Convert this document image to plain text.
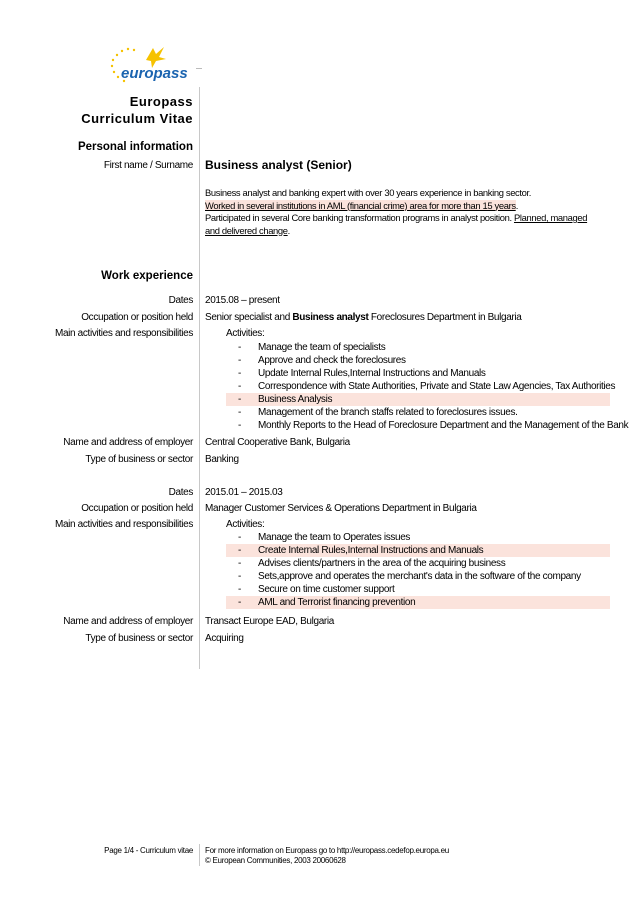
europass
Europass
Curriculum Vitae
Personal information
First name / Surname Business analyst (Senior)
Business analyst and banking expert with over 30 years experience in banking sector.
Worked in several institutions in AML (financial crime) area for more than 15 years.
Participated in several Core banking transformation programs in analyst position. Planned, managed
and delivered change.
Work experience
Dates 2015.08 – present
Occupation or position held Senior specialist and Business analyst Foreclosures Department in Bulgaria
Main activities and responsibilities	Activities:
- Manage the team of specialists
- Approve and check the foreclosures
- Update Internal Rules,Internal Instructions and Manuals
- Correspondence with State Authorities, Private and State Law Agencies, Tax Authorities
- Business Analysis
- Management of the branch staffs related to foreclosures issues.
- Monthly Reports to the Head of Foreclosure Department and the Management of the Bank
Name and address of employer Central Cooperative Bank, Bulgaria
Type of business or sector Banking
Dates 2015.01 – 2015.03
Occupation or position held Manager Customer Services & Operations Department in Bulgaria
Main activities and responsibilities	Activities:
- Manage the team to Operates issues
- Create Internal Rules,Internal Instructions and Manuals
- Advises clients/partners in the area of the acquiring business
- Sets,approve and operates the merchant's data in the software of the company
- Secure on time customer support
- AML and Terrorist financing prevention
Name and address of employer Transact Europe EAD, Bulgaria
Type of business or sector Acquiring
Page 1/4 - Curriculum vitae For more information on Europass go to http://europass.cedefop.europa.eu
© European Communities, 2003 20060628
